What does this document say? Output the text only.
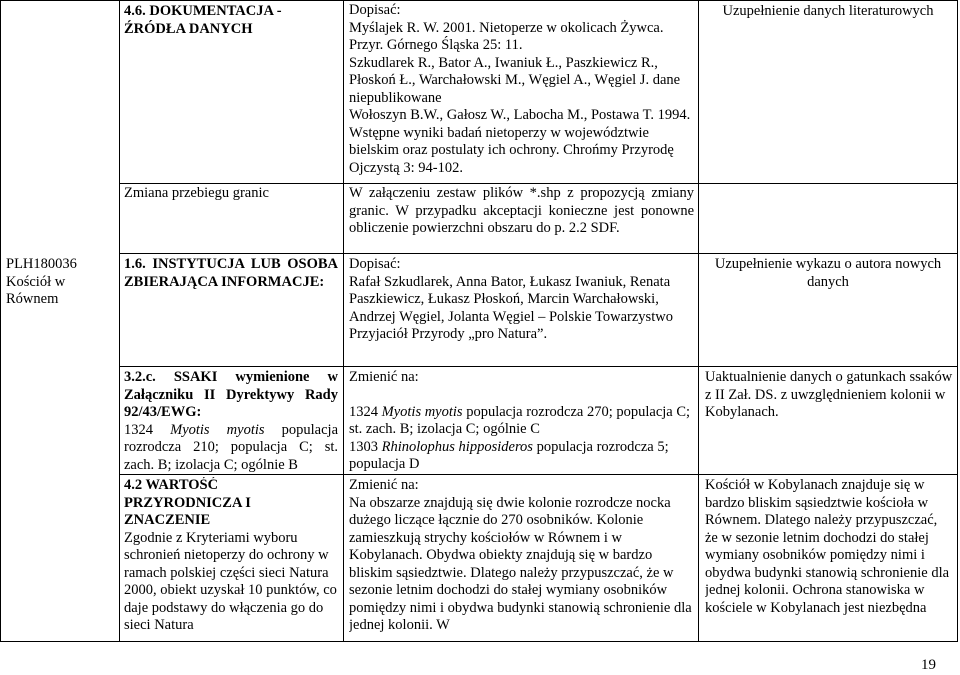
PLH180036

Kościół w Równem

4.6. DOKUMENTACJA - ŹRÓDŁA DANYCH

Dopisać:

Myślajek R. W. 2001. Nietoperze w okolicach Żywca. Przyr. Górnego Śląska 25: 11.

Szkudlarek R., Bator A., Iwaniuk Ł., Paszkiewicz R., Płoskoń Ł., Warchałowski M., Węgiel A., Węgiel J. dane niepublikowane

Wołoszyn B.W., Gałosz W., Labocha M., Postawa T. 1994. Wstępne wyniki badań nietoperzy w województwie bielskim oraz postulaty ich ochrony. Chrońmy Przyrodę Ojczystą 3: 94-102.

Uzupełnienie danych literaturowych

Zmiana przebiegu granic	W załączeniu zestaw plików *.shp z propozycją zmiany granic. W przypadku akceptacji konieczne jest ponowne obliczenie powierzchni obszaru do p. 2.2 SDF.

1.6. INSTYTUCJA LUB OSOBA ZBIERAJĄCA INFORMACJE:

Dopisać:

Rafał Szkudlarek, Anna Bator, Łukasz Iwaniuk, Renata Paszkiewicz, Łukasz Płoskoń, Marcin Warchałowski, Andrzej Węgiel, Jolanta Węgiel – Polskie Towarzystwo Przyjaciół Przyrody „pro Natura”.

Uzupełnienie wykazu o autora nowych danych

3.2.c. SSAKI wymienione w Załączniku II Dyrektywy Rady 92/43/EWG:

1324 Myotis myotis populacja rozrodcza 210; populacja C; st. zach. B; izolacja C; ogólnie B

Zmienić na:

1324 Myotis myotis populacja rozrodcza 270; populacja C; st. zach. B; izolacja C; ogólnie C

1303 Rhinolophus hipposideros populacja rozrodcza 5; populacja D

Uaktualnienie danych o gatunkach ssaków z II Zał. DS. z uwzględnieniem kolonii w Kobylanach.

4.2 WARTOŚĆ PRZYRODNICZA I ZNACZENIE

Zgodnie z Kryteriami wyboru schronień nietoperzy do ochrony w ramach polskiej części sieci Natura 2000, obiekt uzyskał 10 punktów, co daje podstawy do włączenia go do sieci Natura

Zmienić na:

Na obszarze znajdują się dwie kolonie rozrodcze nocka dużego liczące łącznie do 270 osobników. Kolonie zamieszkują strychy kościołów w Równem i w Kobylanach. Obydwa obiekty znajdują się w bardzo bliskim sąsiedztwie. Dlatego należy przypuszczać, że w sezonie letnim dochodzi do stałej wymiany osobników pomiędzy nimi i obydwa budynki stanowią schronienie dla jednej kolonii. W

Kościół w Kobylanach znajduje się w bardzo bliskim sąsiedztwie kościoła w Równem. Dlatego należy przypuszczać, że w sezonie letnim dochodzi do stałej wymiany osobników pomiędzy nimi i obydwa budynki stanowią schronienie dla jednej kolonii. Ochrona stanowiska w kościele w Kobylanach jest niezbędna

19
